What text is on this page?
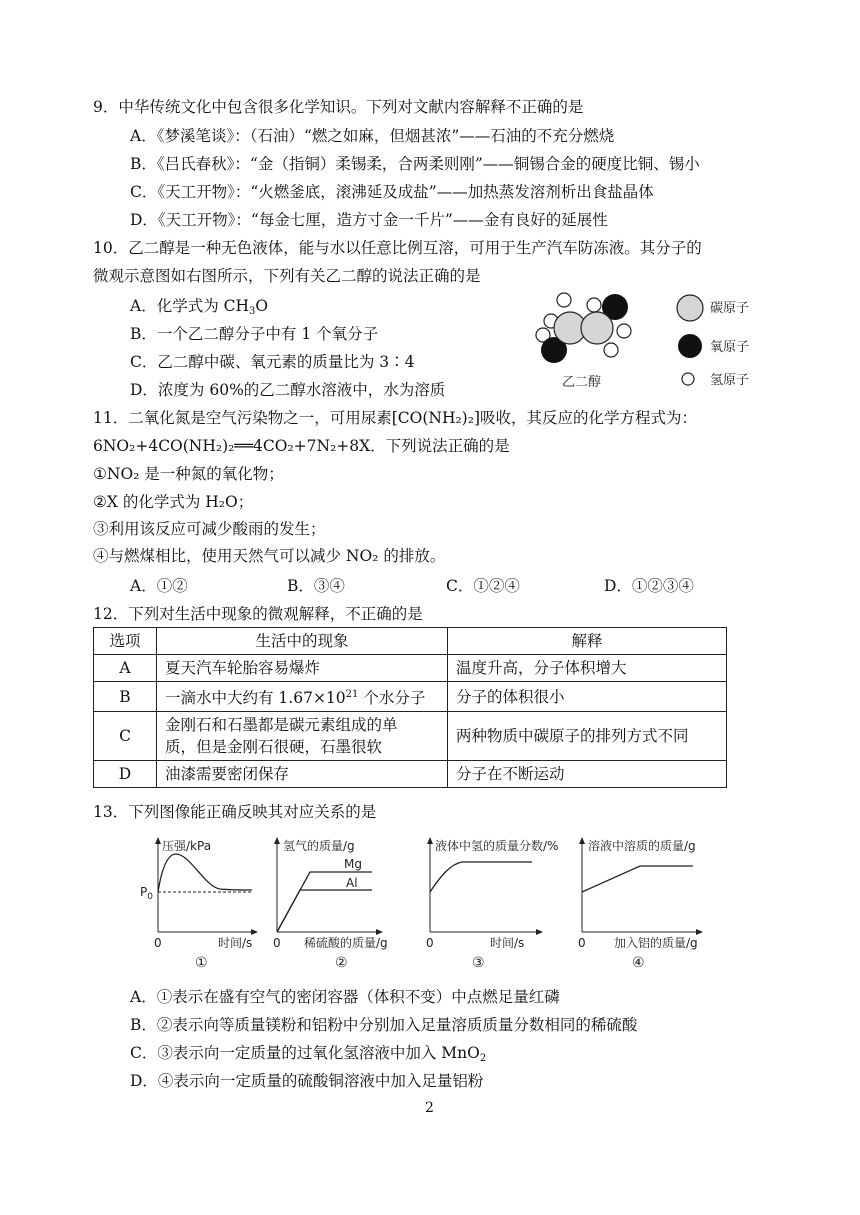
9．中华传统文化中包含很多化学知识。下列对文献内容解释不正确的是
A．《梦溪笔谈》：（石油）“燃之如麻，但烟甚浓”——石油的不充分燃烧
B．《吕氏春秋》：“金（指铜）柔锡柔，合两柔则刚”——铜锡合金的硬度比铜、锡小
C．《天工开物》：“火燃釜底，滚沸延及成盐”——加热蒸发溶剂析出食盐晶体
D．《天工开物》：“每金七厘，造方寸金一千片”——金有良好的延展性
10．乙二醇是一种无色液体，能与水以任意比例互溶，可用于生产汽车防冻液。其分子的
微观示意图如右图所示，下列有关乙二醇的说法正确的是
A．化学式为 $CH_3O$
B．一个乙二醇分子中有 1 个氧分子
C．乙二醇中碳、氧元素的质量比为 3∶4
D．浓度为 60%的乙二醇水溶液中，水为溶质	乙二醇
碳原子
氧原子
氢原子
11．二氧化氮是空气污染物之一，可用尿素[CO(NH₂)₂]吸收，其反应的化学方程式为：
6NO₂+4CO(NH₂)₂══4CO₂+7N₂+8X．下列说法正确的是
①NO₂ 是一种氮的氧化物；
②X 的化学式为 H₂O；
③利用该反应可减少酸雨的发生；
④与燃煤相比，使用天然气可以减少 NO₂ 的排放。
A．①②	B．③④	C．①②④	D．①②③④
12．下列对生活中现象的微观解释，不正确的是
选项	生活中的现象	解释
A	夏天汽车轮胎容易爆炸	温度升高，分子体积增大
B	一滴水中大约有 $1.67\times 10^{21}$ 个水分子	分子的体积很小
C	金刚石和石墨都是碳元素组成的单
质，但是金刚石很硬，石墨很软	两种物质中碳原子的排列方式不同
D	油漆需要密闭保存	分子在不断运动
13．下列图像能正确反映其对应关系的是
压强/kPa
$P_0$
0	时间/s
①
氢气的质量/g
Mg
Al
0 稀硫酸的质量/g
②
液体中氢的质量分数/%
0	时间/s
③
溶液中溶质的质量/g
0 加入铝的质量/g
④
A．①表示在盛有空气的密闭容器（体积不变）中点燃足量红磷
B．②表示向等质量镁粉和铝粉中分别加入足量溶质质量分数相同的稀硫酸
C．③表示向一定质量的过氧化氢溶液中加入 MnO$_2$
D．④表示向一定质量的硫酸铜溶液中加入足量铝粉
2
